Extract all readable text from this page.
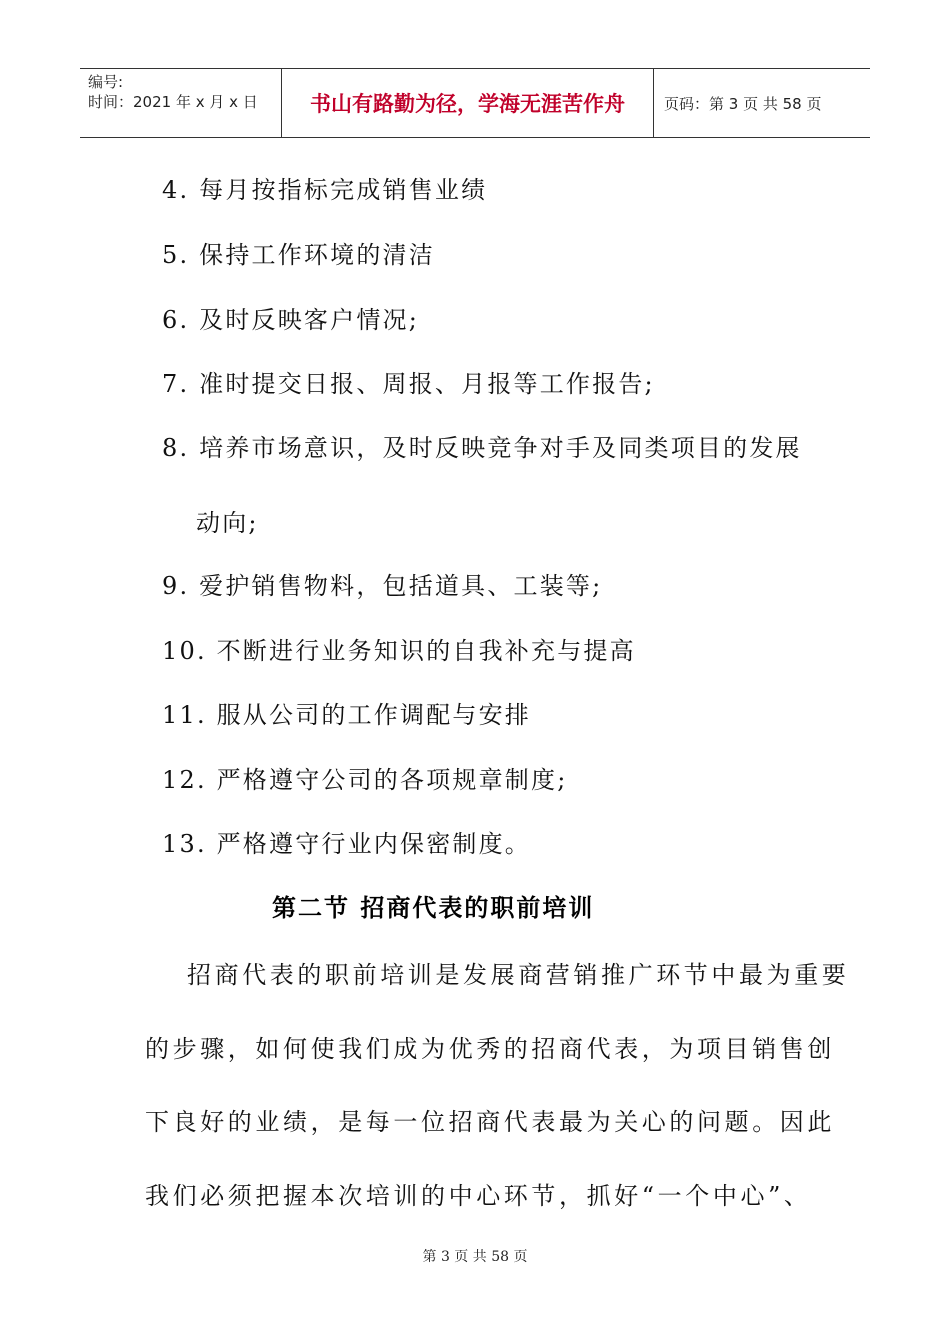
编号:
时间：2021 年 x 月 x 日	书山有路勤为径，学海无涯苦作舟	页码：第 3 页 共 58 页
4. 每月按指标完成销售业绩
5. 保持工作环境的清洁
6. 及时反映客户情况;
7. 准时提交日报、周报、月报等工作报告;
8. 培养市场意识，及时反映竞争对手及同类项目的发展
动向;
9. 爱护销售物料，包括道具、工装等;
10. 不断进行业务知识的自我补充与提高
11. 服从公司的工作调配与安排
12. 严格遵守公司的各项规章制度;
13. 严格遵守行业内保密制度。
第二节 招商代表的职前培训
招商代表的职前培训是发展商营销推广环节中最为重要
的步骤，如何使我们成为优秀的招商代表，为项目销售创
下良好的业绩，是每一位招商代表最为关心的问题。因此
我们必须把握本次培训的中心环节，抓好“一个中心”、
第 3 页 共 58 页
